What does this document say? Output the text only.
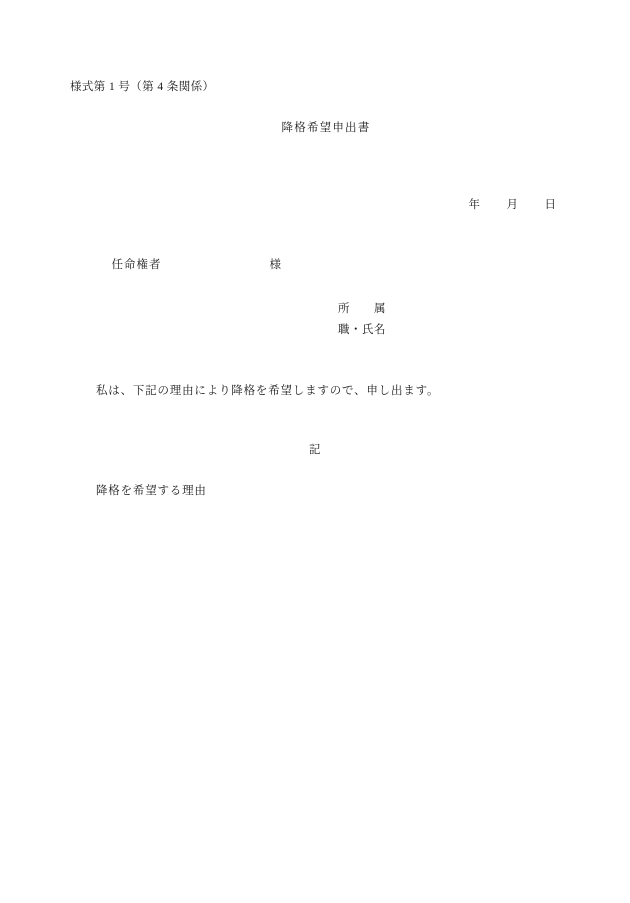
様式第 1 号（第 4 条関係）
降格希望申出書

年 月 日

任命権者	様

所　　属
職・氏名
私は、下記の理由により降格を希望しますので、申し出ます。
記
降格を希望する理由
